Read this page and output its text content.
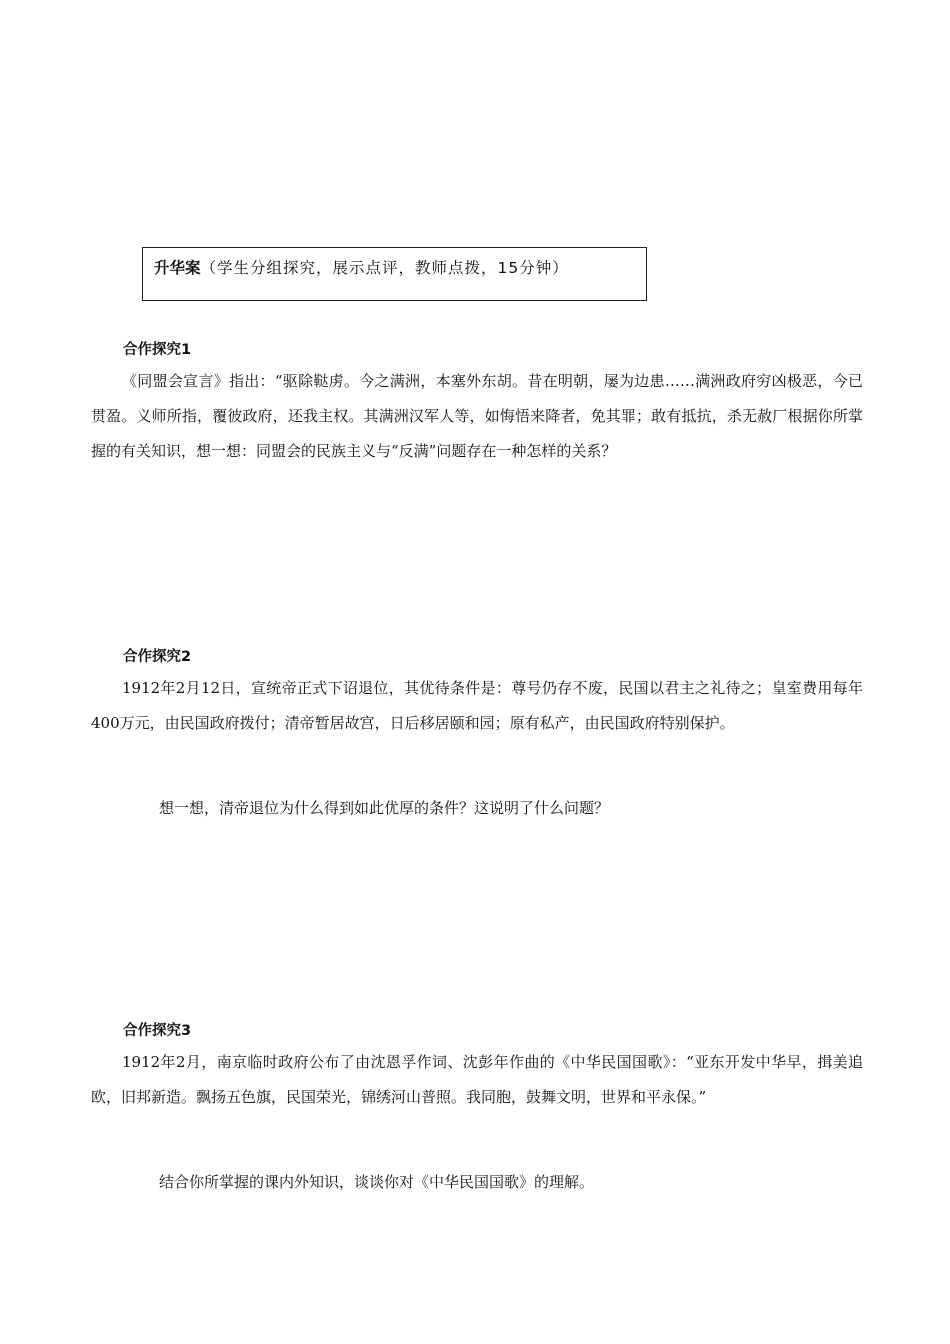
升华案（学生分组探究，展示点评，教师点拨，15分钟）
合作探究1

《同盟会宣言》指出：“驱除鞑虏。今之满洲，本塞外东胡。昔在明朝，屡为边患……满洲政府穷凶极恶，今已贯盈。义师所指，覆彼政府，还我主权。其满洲汉军人等，如悔悟来降者，免其罪；敢有抵抗，杀无赦厂根据你所掌握的有关知识，想一想：同盟会的民族主义与“反满”问题存在一种怎样的关系？

合作探究2

1912年2月12日，宣统帝正式下诏退位，其优待条件是：尊号仍存不废，民国以君主之礼待之；皇室费用每年400万元，由民国政府拨付；清帝暂居故宫，日后移居颐和园；原有私产，由民国政府特别保护。

想一想，清帝退位为什么得到如此优厚的条件？这说明了什么问题？

合作探究3

1912年2月，南京临时政府公布了由沈恩孚作词、沈彭年作曲的《中华民国国歌》：“亚东开发中华早，揖美追欧，旧邦新造。飘扬五色旗，民国荣光，锦绣河山普照。我同胞，鼓舞文明，世界和平永保。”

结合你所掌握的课内外知识，谈谈你对《中华民国国歌》的理解。
